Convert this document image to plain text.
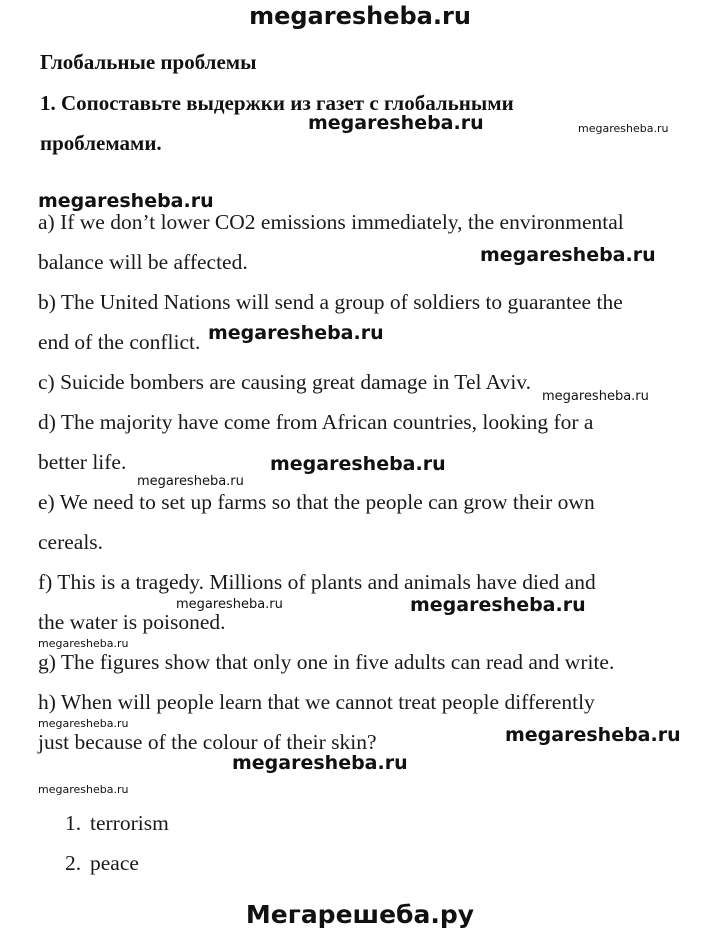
megaresheba.ru
Глобальные проблемы
1. Сопоставьте выдержки из газет с глобальными
проблемами.
a) If we don’t lower CO2 emissions immediately, the environmental
balance will be affected.
b) The United Nations will send a group of soldiers to guarantee the
end of the conflict.
c) Suicide bombers are causing great damage in Tel Aviv.
d) The majority have come from African countries, looking for a
better life.
e) We need to set up farms so that the people can grow their own
cereals.
f) This is a tragedy. Millions of plants and animals have died and
the water is poisoned.
g) The figures show that only one in five adults can read and write.
h) When will people learn that we cannot treat people differently
just because of the colour of their skin?
1. terrorism
2. peace
megaresheba.ru	megaresheba.ru
megaresheba.ru
megaresheba.ru
megaresheba.ru
megaresheba.ru
megaresheba.ru
megaresheba.ru
megaresheba.ru	megaresheba.ru
megaresheba.ru
megaresheba.ru
megaresheba.ru
megaresheba.ru
megaresheba.ru
Мегарешеба.ру
